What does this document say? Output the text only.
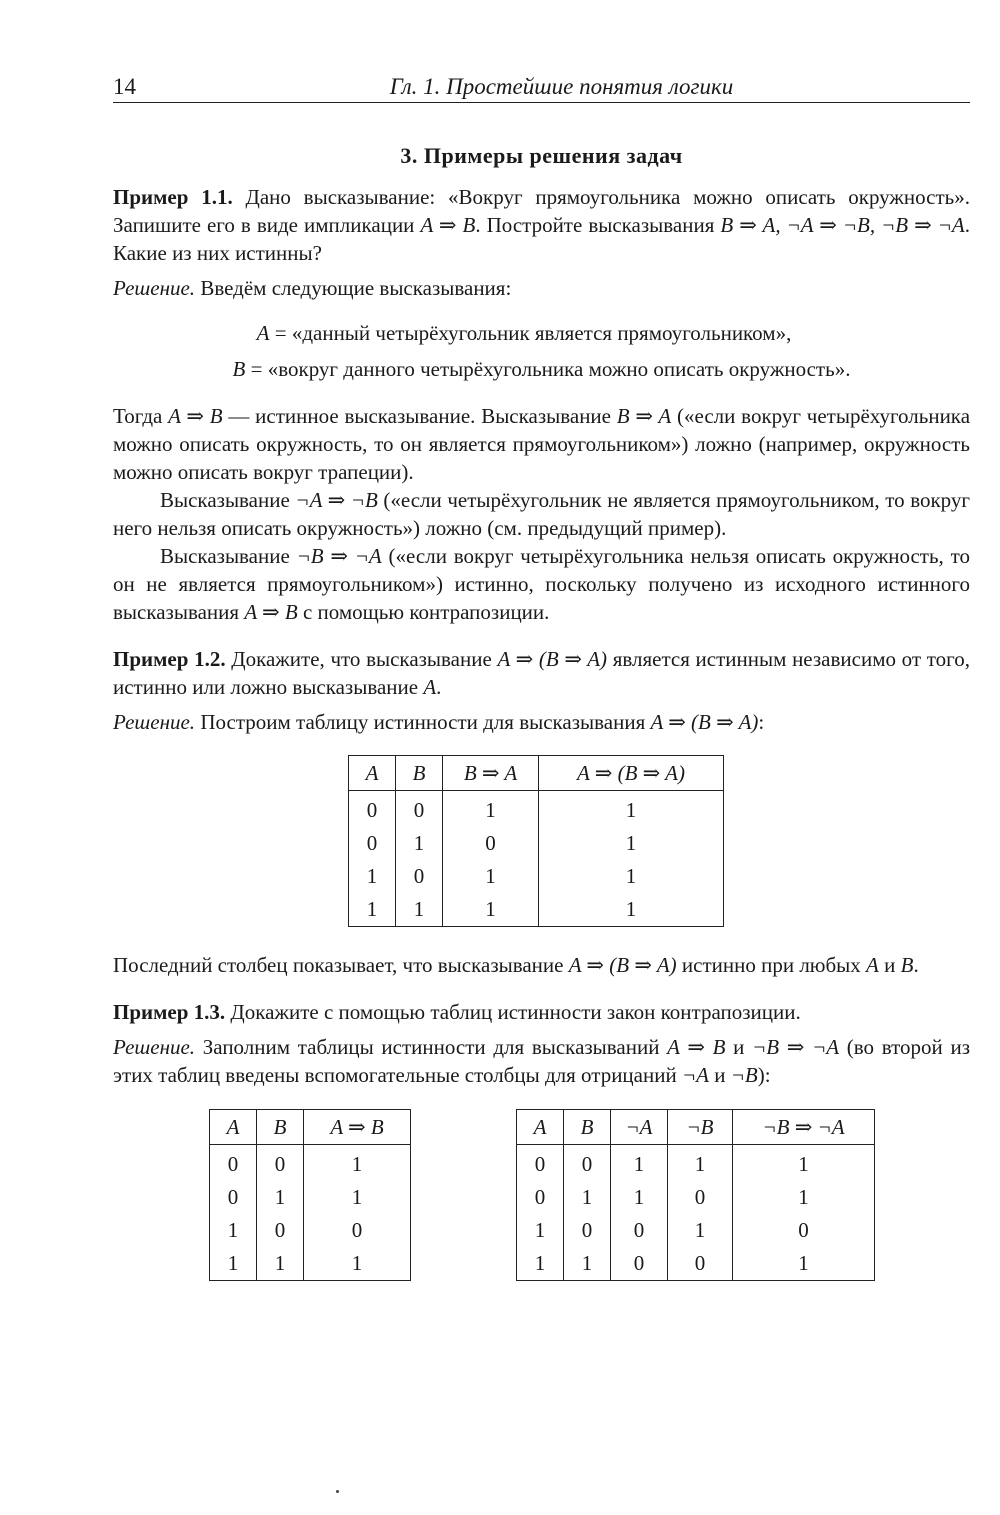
14	Гл. 1. Простейшие понятия логики
3. Примеры решения задач

Пример 1.1. Дано высказывание: «Вокруг прямоугольника можно описать окружность». Запишите его в виде импликации A ⇒ B. Постройте высказывания B ⇒ A, ¬A ⇒ ¬B, ¬B ⇒ ¬A. Какие из них истинны?

Решение. Введём следующие высказывания:

A = «данный четырёхугольник является прямоугольником»,
B = «вокруг данного четырёхугольника можно описать окружность».

Тогда A ⇒ B — истинное высказывание. Высказывание B ⇒ A («если вокруг четырёхугольника можно описать окружность, то он является прямоугольником») ложно (например, окружность можно описать вокруг трапеции).

Высказывание ¬A ⇒ ¬B («если четырёхугольник не является прямоугольником, то вокруг него нельзя описать окружность») ложно (см. предыдущий пример).

Высказывание ¬B ⇒ ¬A («если вокруг четырёхугольника нельзя описать окружность, то он не является прямоугольником») истинно, поскольку получено из исходного истинного высказывания A ⇒ B с помощью контрапозиции.

Пример 1.2. Докажите, что высказывание A ⇒ (B ⇒ A) является истинным независимо от того, истинно или ложно высказывание A.

Решение. Построим таблицу истинности для высказывания A ⇒ (B ⇒ A):

A	B	B ⇒ A	A ⇒ (B ⇒ A)
0	0	1	1
0	1	0	1
1	0	1	1
1	1	1	1

Последний столбец показывает, что высказывание A ⇒ (B ⇒ A) истинно при любых A и B.

Пример 1.3. Докажите с помощью таблиц истинности закон контрапозиции.

Решение. Заполним таблицы истинности для высказываний A ⇒ B и ¬B ⇒ ¬A (во второй из этих таблиц введены вспомогательные столбцы для отрицаний ¬A и ¬B):

A	B	A ⇒ B
0	0	1
0	1	1
1	0	0
1	1	1
A	B	¬A	¬B	¬B ⇒ ¬A
0	0	1	1	1
0	1	1	0	1
1	0	0	1	0
1	1	0	0	1
